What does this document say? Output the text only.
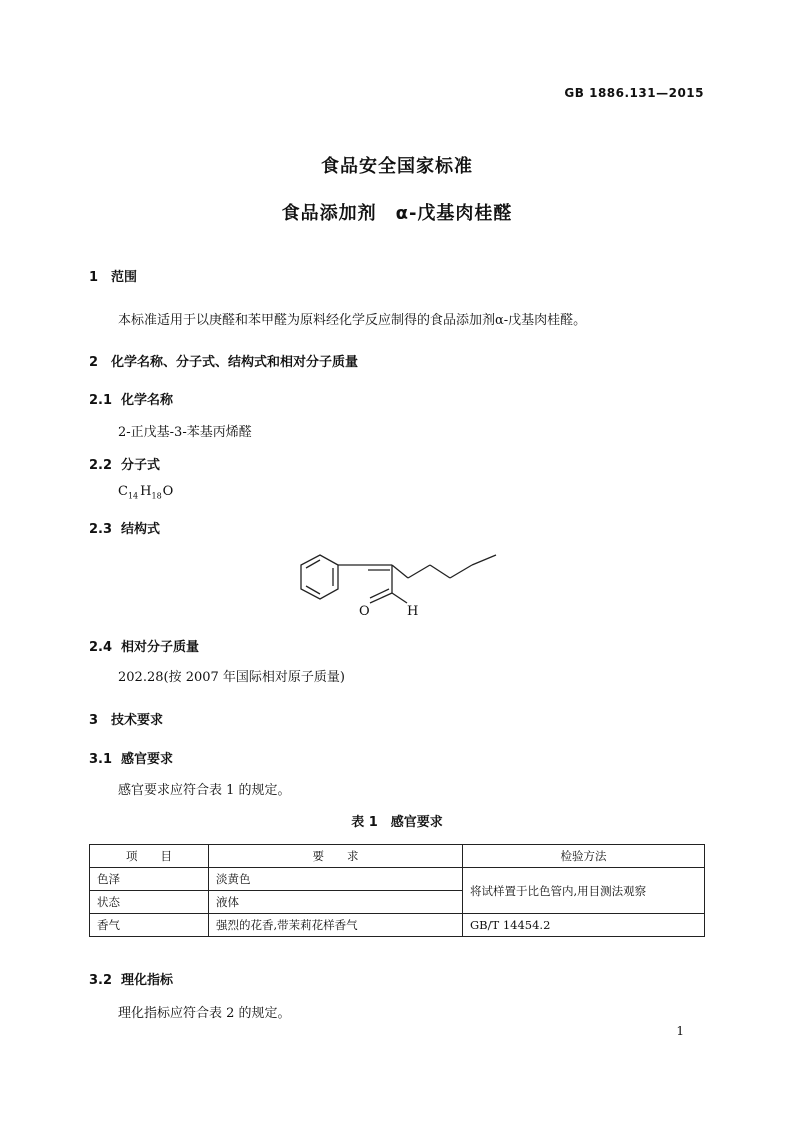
GB 1886.131—2015
食品安全国家标准
食品添加剂　α-戊基肉桂醛
1 范围
本标准适用于以庚醛和苯甲醛为原料经化学反应制得的食品添加剂α-戊基肉桂醛。
2 化学名称、分子式、结构式和相对分子质量
2.1 化学名称
2-正戊基-3-苯基丙烯醛
2.2 分子式
$C_{14}$ $H_{18}O$
2.3 结构式
O	H
2.4 相对分子质量
202.28(按 2007 年国际相对原子质量)
3 技术要求
3.1 感官要求
感官要求应符合表 1 的规定。
表 1　感官要求
项　　目	要　　求	检验方法
色泽	淡黄色	将试样置于比色管内,用目测法观察
状态	液体	
香气	强烈的花香,带茉莉花样香气	GB/T 14454.2
3.2 理化指标
理化指标应符合表 2 的规定。
1
